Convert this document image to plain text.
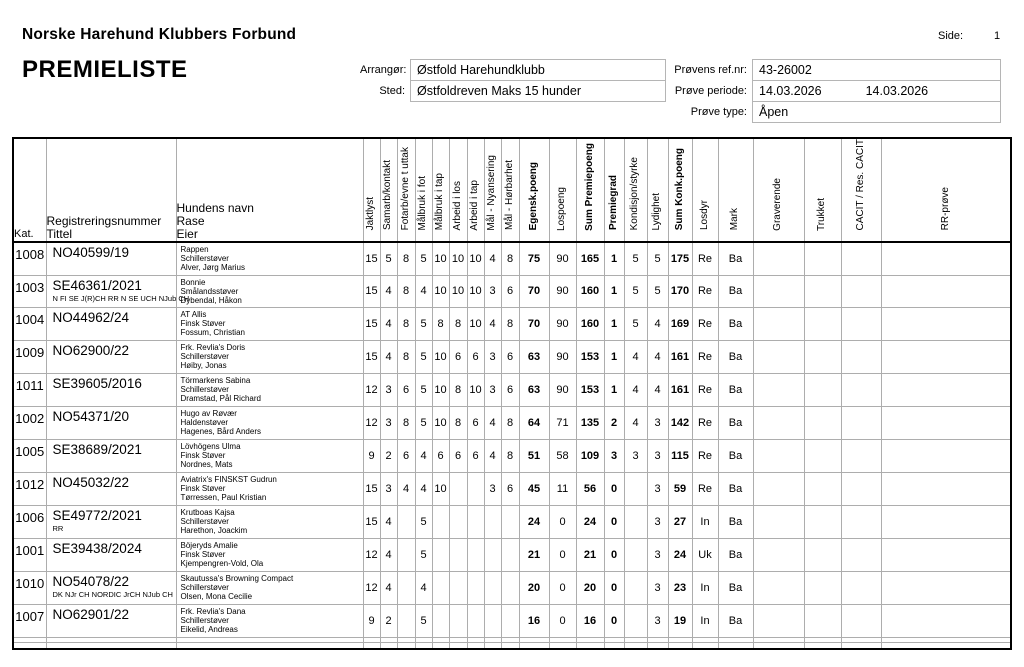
Norske Harehund Klubbers Forbund
PREMIELISTE
Side:	1
Arrangør: Østfold Harehundklubb
Sted: Østfoldreven Maks 15 hunder
Prøvens ref.nr: 43-26002
Prøve periode: 14.03.2026	14.03.2026
Prøve type: Åpen
Kat.	
Registreringsnummer
Tittel

Hundens navn
Rase
Eier
	Jaktlyst	Samarb/kontakt	Fotarb/evne t uttak	Målbruk i fot	Målbruk i tap	Arbeid i los	Arbeid i tap	Mål - Nyansering	Mål - Hørbarhet	Egensk.poeng	Lospoeng	Sum Premiepoeng	Premiegrad	Kondisjon/styrke	Lydighet	Sum Konk.poeng	Losdyr	Mark	Graverende	Trukket	CACIT / Res. CACIT	RR-prøve
1008	NO40599/19	Rappen
Schillerstøver
Alver, Jørg Marius	15	5	8	5	10	10	10	4	8	75	90	165	1	5	5	175	Re	Ba				
1003	SE46361/2021
N FI SE J(R)CH RR N SE UCH NJub CH

Bonnie
Smålandsstøver
Dybendal, Håkon
	15	4	8	4	10	10	10	3	6	70	90	160	1	5	5	170	Re	Ba				
1004	NO44962/24	AT Allis
Finsk Støver
Fossum, Christian	15	4	8	5	8	8	10	4	8	70	90	160	1	5	4	169	Re	Ba				
1009	NO62900/22	Frk. Revlia's Doris
Schillerstøver
Høiby, Jonas	15	4	8	5	10	6	6	3	6	63	90	153	1	4	4	161	Re	Ba				
1011	SE39605/2016	Törmarkens Sabina
Schillerstøver
Dramstad, Pål Richard	12	3	6	5	10	8	10	3	6	63	90	153	1	4	4	161	Re	Ba				
1002	NO54371/20	Hugo av Røvær
Haldenstøver
Hagenes, Bård Anders	12	3	8	5	10	8	6	4	8	64	71	135	2	4	3	142	Re	Ba				
1005	SE38689/2021	Lövhögens Ulma
Finsk Støver
Nordnes, Mats	9	2	6	4	6	6	6	4	8	51	58	109	3	3	3	115	Re	Ba				
1012	NO45032/22	Aviatrix's FINSKST Gudrun
Finsk Støver
Tørressen, Paul Kristian	15	3	4	4	10			3	6	45	11	56	0		3	59	Re	Ba				
1006	SE49772/2021
RR

Krutboas Kajsa
Schillerstøver
Harethon, Joackim
	15	4		5						24	0	24	0		3	27	In	Ba				
1001	SE39438/2024	Böjeryds Amalie
Finsk Støver
Kjempengren-Vold, Ola	12	4		5						21	0	21	0		3	24	Uk	Ba				
1010	NO54078/22
DK NJr CH NORDIC JrCH NJub CH

Skautussa's Browning Compact
Schillerstøver
Olsen, Mona Cecilie
	12	4		4						20	0	20	0		3	23	In	Ba				
1007	NO62901/22	Frk. Revlia's Dana
Schillerstøver
Eikelid, Andreas	9	2		5						16	0	16	0		3	19	In	Ba				
